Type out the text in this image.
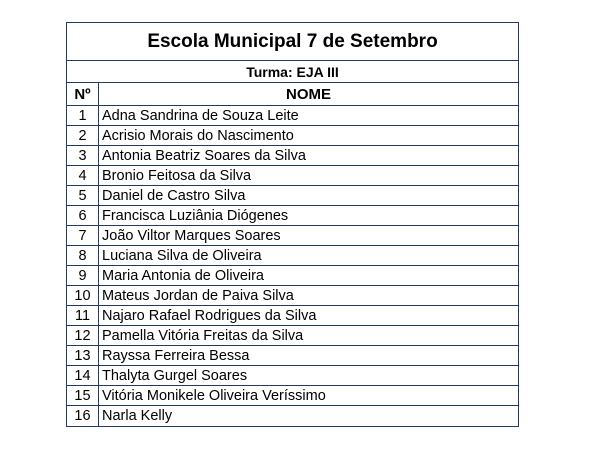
Escola Municipal 7 de Setembro
Turma: EJA III
Nº	NOME
1	Adna Sandrina de Souza Leite
2	Acrisio Morais do Nascimento
3	Antonia Beatriz Soares da Silva
4	Bronio Feitosa da Silva
5	Daniel de Castro Silva
6	Francisca Luziânia Diógenes
7	João Viltor Marques Soares
8	Luciana Silva de Oliveira
9	Maria Antonia de Oliveira
10 Mateus Jordan de Paiva Silva
11 Najaro Rafael Rodrigues da Silva
12 Pamella Vitória Freitas da Silva
13 Rayssa Ferreira Bessa
14 Thalyta Gurgel Soares
15 Vitória Monikele Oliveira Veríssimo
16 Narla Kelly
